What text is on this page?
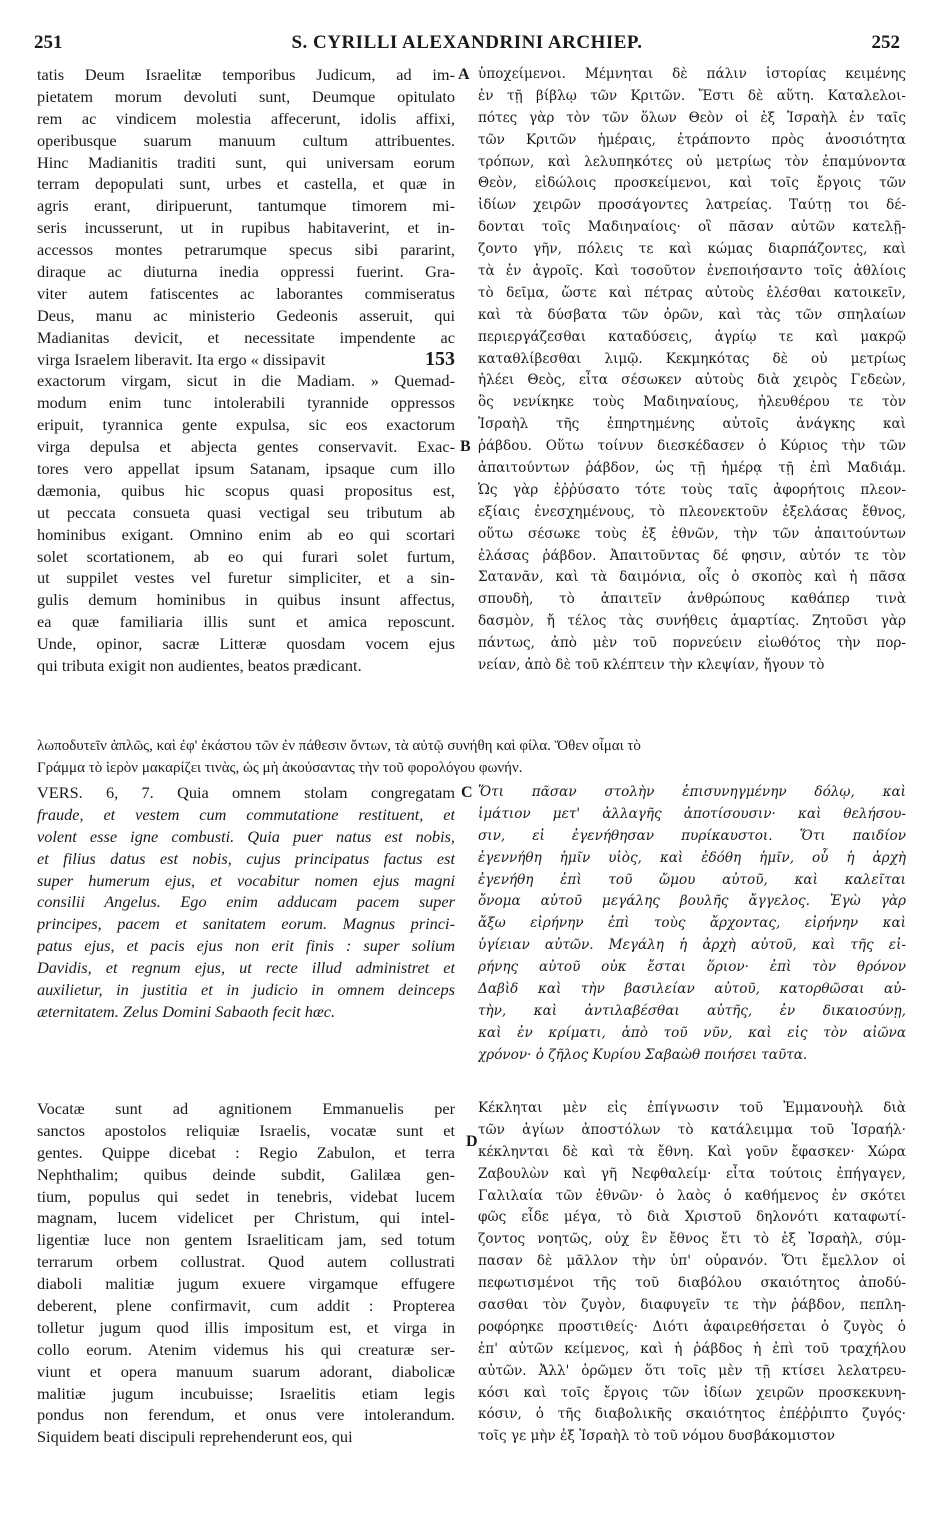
251	S. CYRILLI ALEXANDRINI ARCHIEP.	252
A
B
C
D
tatis Deum Israelitæ temporibus Judicum, ad im-
pietatem morum devoluti sunt, Deumque opitulato
rem ac vindicem molestia affecerunt, idolis affixi,
operibusque suarum manuum cultum attribuentes.
Hinc Madianitis traditi sunt, qui universam eorum
terram depopulati sunt, urbes et castella, et quæ in
agris erant, diripuerunt, tantumque timorem mi-
seris incusserunt, ut in rupibus habitaverint, et in-
accessos montes petrarumque specus sibi pararint,
diraque ac diuturna inedia oppressi fuerint. Gra-
viter autem fatiscentes ac laborantes commiseratus
Deus, manu ac ministerio Gedeonis asseruit, qui
Madianitas devicit, et necessitate impendente ac
virga Israelem liberavit. Ita ergo « dissipavit	153
exactorum virgam, sicut in die Madiam. » Quemad-
modum enim tunc intolerabili tyrannide oppressos
eripuit, tyrannica gente expulsa, sic eos exactorum
virga depulsa et abjecta gentes conservavit. Exac-
tores vero appellat ipsum Satanam, ipsaque cum illo
dæmonia, quibus hic scopus quasi propositus est,
ut peccata consueta quasi vectigal seu tributum ab
hominibus exigant. Omnino enim ab eo qui scortari
solet scortationem, ab eo qui furari solet furtum,
ut suppilet vestes vel furetur simpliciter, et a sin-
gulis demum hominibus in quibus insunt affectus,
ea quæ familiaria illis sunt et amica reposcunt.
Unde, opinor, sacræ Litteræ quosdam vocem ejus
qui tributa exigit non audientes, beatos prædicant.
ὑποχείμενοι. Μέμνηται δὲ πάλιν ἱστορίας κειμένης
ἐν τῇ βίβλῳ τῶν Κριτῶν. Ἔστι δὲ αὕτη. Καταλελοι-
πότες γὰρ τὸν τῶν ὅλων Θεὸν οἱ ἐξ Ἰσραὴλ ἐν ταῖς
τῶν Κριτῶν ἡμέραις, ἐτράποντο πρὸς ἀνοσιότητα
τρόπων, καὶ λελυπηκότες οὐ μετρίως τὸν ἐπαμύνοντα
Θεὸν, εἰδώλοις προσκείμενοι, καὶ τοῖς ἔργοις τῶν
ἰδίων χειρῶν προσάγοντες λατρείας. Ταύτῃ τοι δέ-
δονται τοῖς Μαδιηναίοις· οἳ πᾶσαν αὐτῶν κατελῇ-
ζοντο γῆν, πόλεις τε καὶ κώμας διαρπάζοντες, καὶ
τὰ ἐν ἀγροῖς. Καὶ τοσοῦτον ἐνεποιήσαντο τοῖς ἀθλίοις
τὸ δεῖμα, ὥστε καὶ πέτρας αὐτοὺς ἑλέσθαι κατοικεῖν,
καὶ τὰ δύσβατα τῶν ὀρῶν, καὶ τὰς τῶν σπηλαίων
περιεργάζεσθαι καταδύσεις, ἀγρίῳ τε καὶ μακρῷ
καταθλίβεσθαι λιμῷ. Κεκμηκότας δὲ οὐ μετρίως
ἠλέει Θεὸς, εἶτα σέσωκεν αὐτοὺς διὰ χειρὸς Γεδεὼν,
ὃς νενίκηκε τοὺς Μαδιηναίους, ἠλευθέρου τε τὸν
Ἰσραὴλ τῆς ἐπηρτημένης αὐτοῖς ἀνάγκης καὶ
ῥάβδου. Οὕτω τοίνυν διεσκέδασεν ὁ Κύριος τὴν τῶν
ἀπαιτούντων ῥάβδον, ὡς τῇ ἡμέρᾳ τῇ ἐπὶ Μαδιάμ.
Ὡς γὰρ ἐῤῥύσατο τότε τοὺς ταῖς ἀφορήτοις πλεον-
εξίαις ἐνεσχημένους, τὸ πλεονεκτοῦν ἐξελάσας ἔθνος,
οὕτω σέσωκε τοὺς ἐξ ἐθνῶν, τὴν τῶν ἀπαιτούντων
ἐλάσας ῥάβδον. Ἀπαιτοῦντας δέ φησιν, αὐτόν τε τὸν
Σατανᾶν, καὶ τὰ δαιμόνια, οἷς ὁ σκοπὸς καὶ ἡ πᾶσα
σπουδὴ, τὸ ἀπαιτεῖν ἀνθρώπους καθάπερ τινὰ
δασμὸν, ἤ τέλος τὰς συνήθεις ἁμαρτίας. Ζητοῦσι γὰρ
πάντως, ἀπὸ μὲν τοῦ πορνεύειν εἰωθότος τὴν πορ-
νείαν, ἀπὸ δὲ τοῦ κλέπτειν τὴν κλεψίαν, ἤγουν τὸ
λωποδυτεῖν ἁπλῶς, καὶ ἐφ' ἑκάστου τῶν ἐν πάθεσιν ὄντων, τὰ αὐτῷ συνήθη καὶ φίλα. Ὅθεν οἶμαι τὸ
Γράμμα τὸ ἱερὸν μακαρίζει τινὰς, ὡς μὴ ἀκούσαντας τὴν τοῦ φορολόγου φωνήν.
VERS. 6, 7. Quia omnem stolam congregatam
fraude, et vestem cum commutatione restituent, et
volent esse igne combusti. Quia puer natus est nobis,
et filius datus est nobis, cujus principatus factus est
super humerum ejus, et vocabitur nomen ejus magni
consilii Angelus. Ego enim adducam pacem super
principes, pacem et sanitatem eorum. Magnus princi-
patus ejus, et pacis ejus non erit finis : super solium
Davidis, et regnum ejus, ut recte illud administret et
auxilietur, in justitia et in judicio in omnem deinceps
æternitatem. Zelus Domini Sabaoth fecit hæc.
Ὅτι πᾶσαν στολὴν ἐπισυνηγμένην δόλῳ, καὶ
ἱμάτιον μετ' ἀλλαγῆς ἀποτίσουσιν· καὶ θελήσου-
σιν, εἰ ἐγενήθησαν πυρίκαυστοι. Ὅτι παιδίον
ἐγεννήθη ἡμῖν υἱὸς, καὶ ἐδόθη ἡμῖν, οὗ ἡ ἀρχὴ
ἐγενήθη ἐπὶ τοῦ ὤμου αὐτοῦ, καὶ καλεῖται
ὄνομα αὐτοῦ μεγάλης βουλῆς ἄγγελος. Ἐγὼ γὰρ
ἄξω εἰρήνην ἐπὶ τοὺς ἄρχοντας, εἰρήνην καὶ
ὑγίειαν αὐτῶν. Μεγάλη ἡ ἀρχὴ αὐτοῦ, καὶ τῆς εἰ-
ρήνης αὐτοῦ οὐκ ἔσται ὅριον· ἐπὶ τὸν θρόνον
Δαβὶδ καὶ τὴν βασιλείαν αὐτοῦ, κατορθῶσαι αὐ-
τὴν, καὶ ἀντιλαβέσθαι αὐτῆς, ἐν δικαιοσύνῃ,
καὶ ἐν κρίματι, ἀπὸ τοῦ νῦν, καὶ εἰς τὸν αἰῶνα
χρόνον· ὁ ζῆλος Κυρίου Σαβαὼθ ποιήσει ταῦτα.
Vocatæ sunt ad agnitionem Emmanuelis per
sanctos apostolos reliquiæ Israelis, vocatæ sunt et
gentes. Quippe dicebat : Regio Zabulon, et terra
Nephthalim; quibus deinde subdit, Galilæa gen-
tium, populus qui sedet in tenebris, videbat lucem
magnam, lucem videlicet per Christum, qui intel-
ligentiæ luce non gentem Israeliticam jam, sed totum
terrarum orbem collustrat. Quod autem collustrati
diaboli malitiæ jugum exuere virgamque effugere
deberent, plene confirmavit, cum addit : Propterea
tolletur jugum quod illis impositum est, et virga in
collo eorum. Atenim videmus his qui creaturæ ser-
viunt et opera manuum suarum adorant, diabolicæ
malitiæ jugum incubuisse; Israelitis etiam legis
pondus non ferendum, et onus vere intolerandum.
Siquidem beati discipuli reprehenderunt eos, qui
Κέκληται μὲν εἰς ἐπίγνωσιν τοῦ Ἐμμανουὴλ διὰ
τῶν ἁγίων ἀποστόλων τὸ κατάλειμμα τοῦ Ἰσραήλ·
κέκληνται δὲ καὶ τὰ ἔθνη. Καὶ γοῦν ἔφασκεν· Χώρα
Ζαβουλὼν καὶ γῆ Νεφθαλείμ· εἶτα τούτοις ἐπήγαγεν,
Γαλιλαία τῶν ἐθνῶν· ὁ λαὸς ὁ καθήμενος ἐν σκότει
φῶς εἶδε μέγα, τὸ διὰ Χριστοῦ δηλονότι καταφωτί-
ζοντος νοητῶς, οὐχ ἓν ἔθνος ἔτι τὸ ἐξ Ἰσραὴλ, σύμ-
πασαν δὲ μᾶλλον τὴν ὑπ' οὐρανόν. Ὅτι ἔμελλον οἱ
πεφωτισμένοι τῆς τοῦ διαβόλου σκαιότητος ἀποδύ-
σασθαι τὸν ζυγὸν, διαφυγεῖν τε τὴν ῥάβδον, πεπλη-
ροφόρηκε προστιθείς· Διότι ἀφαιρεθήσεται ὁ ζυγὸς ὁ
ἐπ' αὐτῶν κείμενος, καὶ ἡ ῥάβδος ἡ ἐπὶ τοῦ τραχήλου
αὐτῶν. Ἀλλ' ὁρῶμεν ὅτι τοῖς μὲν τῇ κτίσει λελατρευ-
κόσι καὶ τοῖς ἔργοις τῶν ἰδίων χειρῶν προσκεκυνη-
κόσιν, ὁ τῆς διαβολικῆς σκαιότητος ἐπέῤῥιπτο ζυγός·
τοῖς γε μὴν ἐξ Ἰσραὴλ τὸ τοῦ νόμου δυσβάκομιστον
